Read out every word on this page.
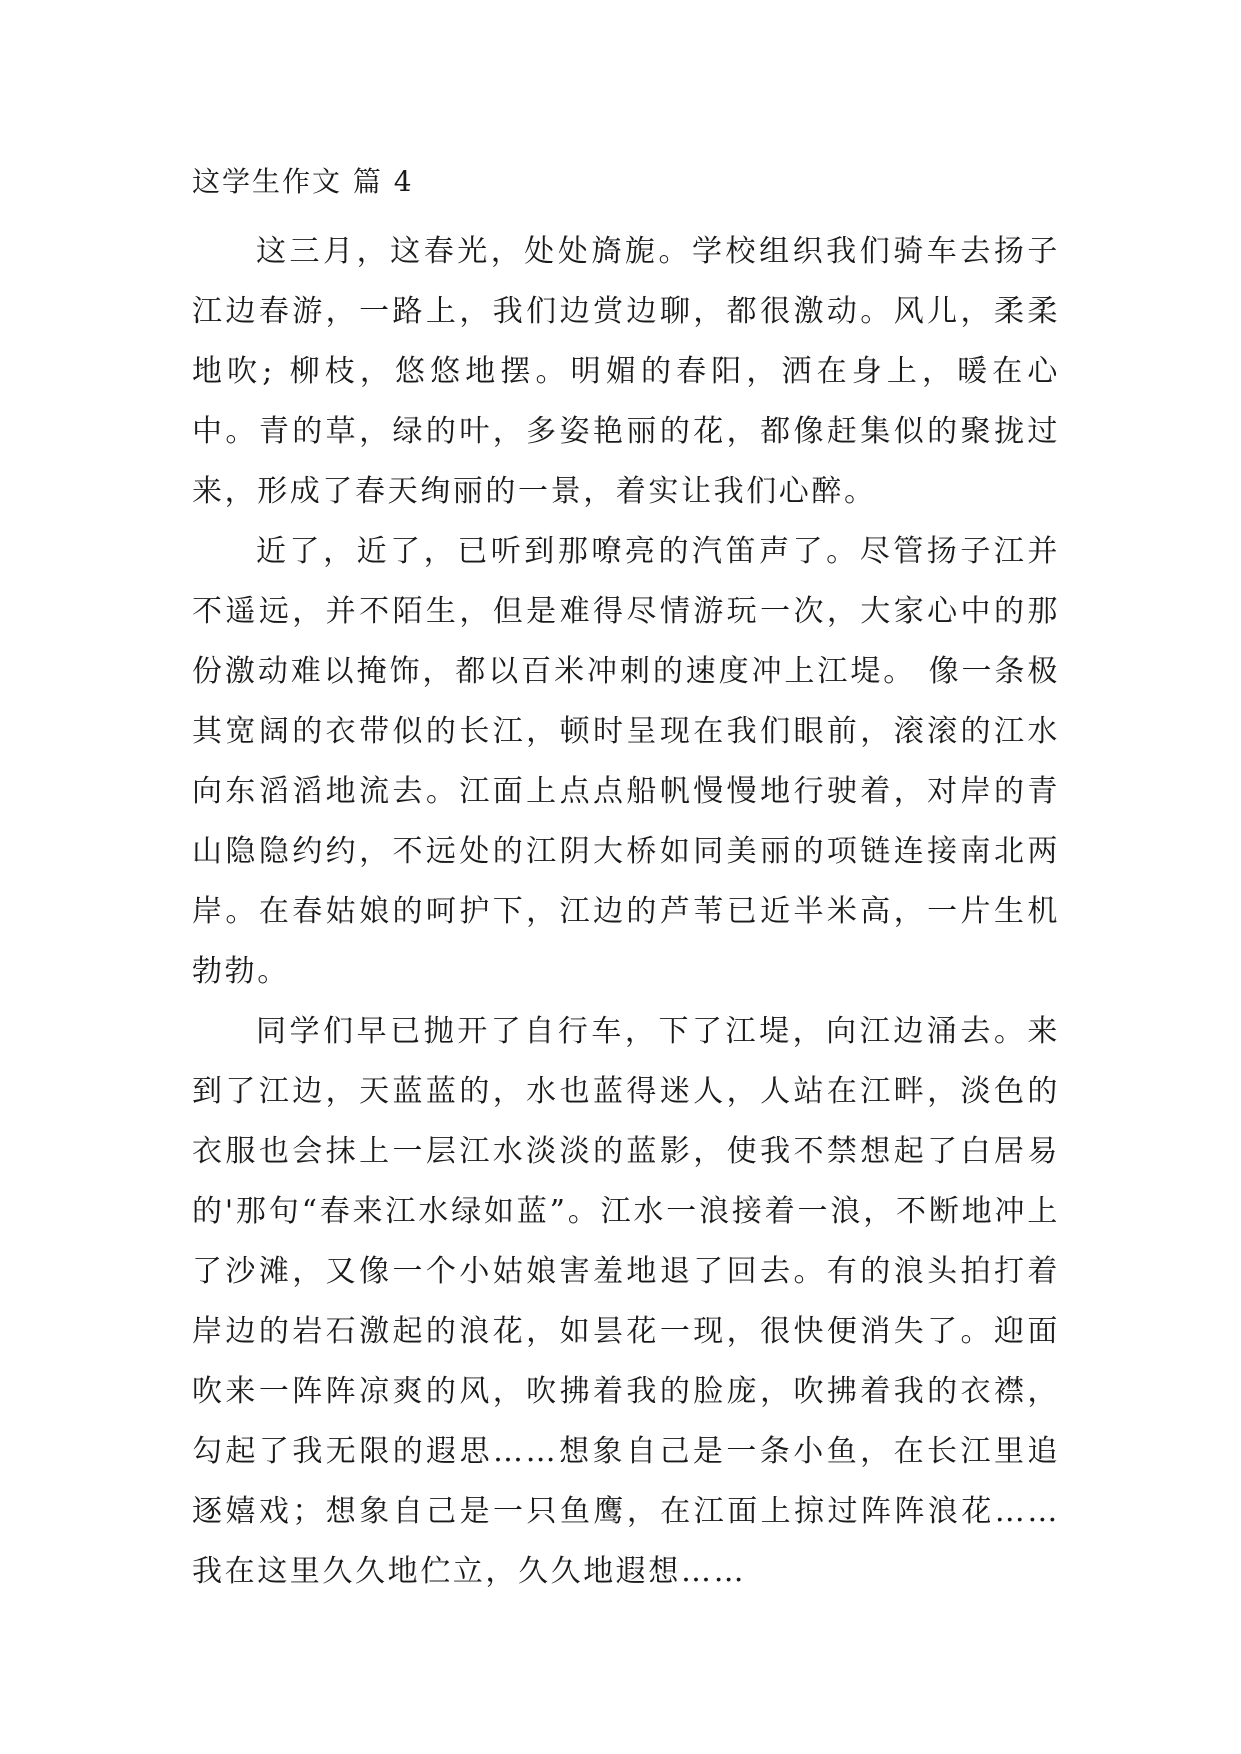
这学生作文 篇 4

这三月，这春光，处处旖旎。学校组织我们骑车去扬子江边春游，一路上，我们边赏边聊，都很激动。风儿，柔柔地吹; 柳枝，悠悠地摆。明媚的春阳，洒在身上，暖在心中。青的草，绿的叶，多姿艳丽的花，都像赶集似的聚拢过来，形成了春天绚丽的一景，着实让我们心醉。

近了，近了，已听到那嘹亮的汽笛声了。尽管扬子江并不遥远，并不陌生，但是难得尽情游玩一次，大家心中的那份激动难以掩饰，都以百米冲刺的速度冲上江堤。 像一条极其宽阔的衣带似的长江，顿时呈现在我们眼前，滚滚的江水向东滔滔地流去。江面上点点船帆慢慢地行驶着，对岸的青山隐隐约约，不远处的江阴大桥如同美丽的项链连接南北两岸。在春姑娘的呵护下，江边的芦苇已近半米高，一片生机勃勃。

同学们早已抛开了自行车，下了江堤，向江边涌去。来到了江边，天蓝蓝的，水也蓝得迷人，人站在江畔，淡色的衣服也会抹上一层江水淡淡的蓝影，使我不禁想起了白居易的'那句“春来江水绿如蓝”。江水一浪接着一浪，不断地冲上了沙滩，又像一个小姑娘害羞地退了回去。有的浪头拍打着岸边的岩石激起的浪花，如昙花一现，很快便消失了。迎面吹来一阵阵凉爽的风，吹拂着我的脸庞，吹拂着我的衣襟，勾起了我无限的遐思……想象自己是一条小鱼，在长江里追逐嬉戏；想象自己是一只鱼鹰，在江面上掠过阵阵浪花……我在这里久久地伫立，久久地遐想……
